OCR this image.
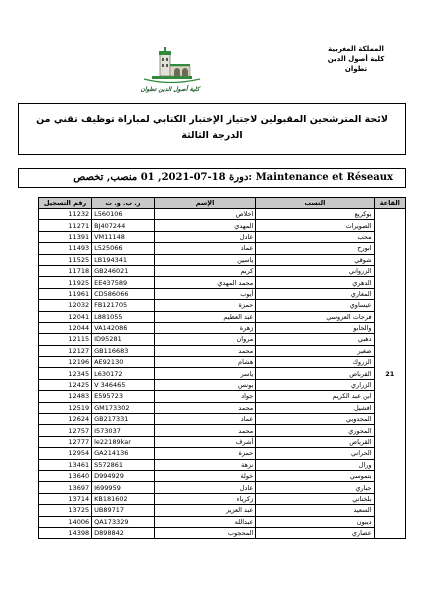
المملكة المغربية
كلية أصول الدين
تطوان
كلية أصول الدين تطوان
لائحة المترشحين المقبولين لاجتياز الإختبار الكتابي لمباراة توظيف تقني من
الدرجة الثالثة
دورة 18-07-2021, 01 منصب, تخصص: Maintenance et Réseaux
رقم التسجيل	ر. ب. و. ت	الإسم	النسب	القاعة
11232	L560106	اخلاص	بوكريع	21
11271	BJ407244	المهدي	الصويرات	
11391	VM11148	عادل	محب	
11493	L525066	عماد	ابورح	
11525	LB194341	ياسين	شوقي	
11718	GB246021	كريم	الزرواني	
11925	EE437589	محمد المهدي	الدهري	
11961	CD586066	أيوب	المغاري	
12032	FB121705	حمزة	عيساوي	
12041	L881055	عبد العظيم	فرحات العروسي	
12044	VA142086	زهرة	والخابو	
12115	ID95281	مروان	دهبي	
12127	GB116683	محمد	صغير	
12196	AE92130	هشام	الزروك	
12345	L630172	ياسر	القرباص	
12425	V 346465	يونس	الزراري	
12483	E595723	جواد	ابن عبد الكريم	
12519	GM173302	محمد	افشيل	
12624	GB217331	عماد	المجدوبي	
12757	I573037	محمد	المحوري	
12777	le22189kar	أشرف	القرباص	
12954	GA214136	حمزة	الحراني	
13461	S572861	نزهة	ورال	
13640	D994929	خولة	بتموسي	
13697	I699959	عادل	جباري	
13714	KB181602	زكرياء	بلخناتي	
13725	UB89717	عبد العزيز	السعيد	
14006	QA173329	عبدالله	ديبون	
14398	D898842	المحجوب	عصاري	
